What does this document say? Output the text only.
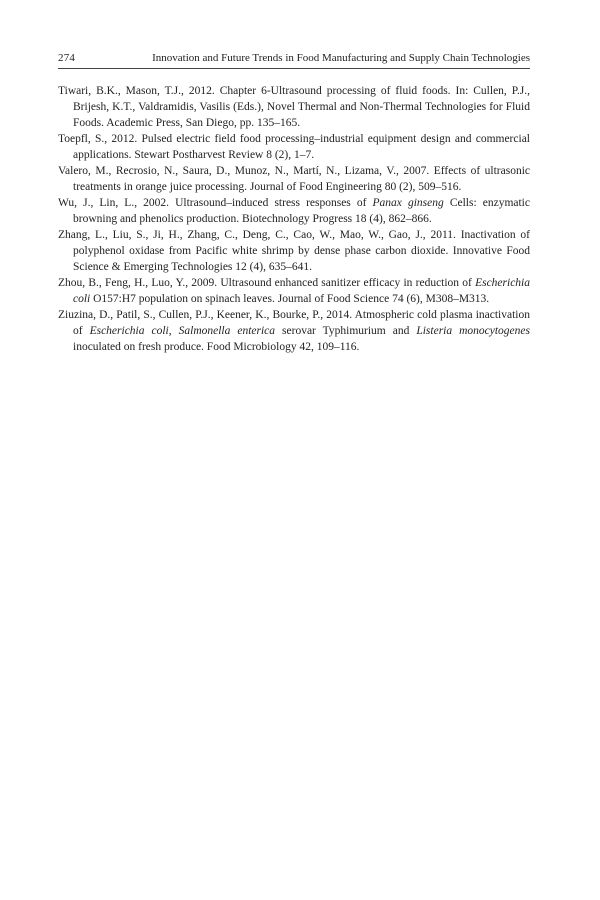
274	Innovation and Future Trends in Food Manufacturing and Supply Chain Technologies

Tiwari, B.K., Mason, T.J., 2012. Chapter 6-Ultrasound processing of fluid foods. In: Cullen, P.J., Brijesh, K.T., Valdramidis, Vasilis (Eds.), Novel Thermal and Non-Thermal Technologies for Fluid Foods. Academic Press, San Diego, pp. 135–165.

Toepfl, S., 2012. Pulsed electric field food processing–industrial equipment design and commercial applications. Stewart Postharvest Review 8 (2), 1–7.

Valero, M., Recrosio, N., Saura, D., Munoz, N., Martí, N., Lizama, V., 2007. Effects of ultrasonic treatments in orange juice processing. Journal of Food Engineering 80 (2), 509–516.

Wu, J., Lin, L., 2002. Ultrasound–induced stress responses of Panax ginseng Cells: enzymatic browning and phenolics production. Biotechnology Progress 18 (4), 862–866.

Zhang, L., Liu, S., Ji, H., Zhang, C., Deng, C., Cao, W., Mao, W., Gao, J., 2011. Inactivation of polyphenol oxidase from Pacific white shrimp by dense phase carbon dioxide. Innovative Food Science & Emerging Technologies 12 (4), 635–641.

Zhou, B., Feng, H., Luo, Y., 2009. Ultrasound enhanced sanitizer efficacy in reduction of Escherichia coli O157:H7 population on spinach leaves. Journal of Food Science 74 (6), M308–M313.

Ziuzina, D., Patil, S., Cullen, P.J., Keener, K., Bourke, P., 2014. Atmospheric cold plasma inactivation of Escherichia coli, Salmonella enterica serovar Typhimurium and Listeria monocytogenes inoculated on fresh produce. Food Microbiology 42, 109–116.
